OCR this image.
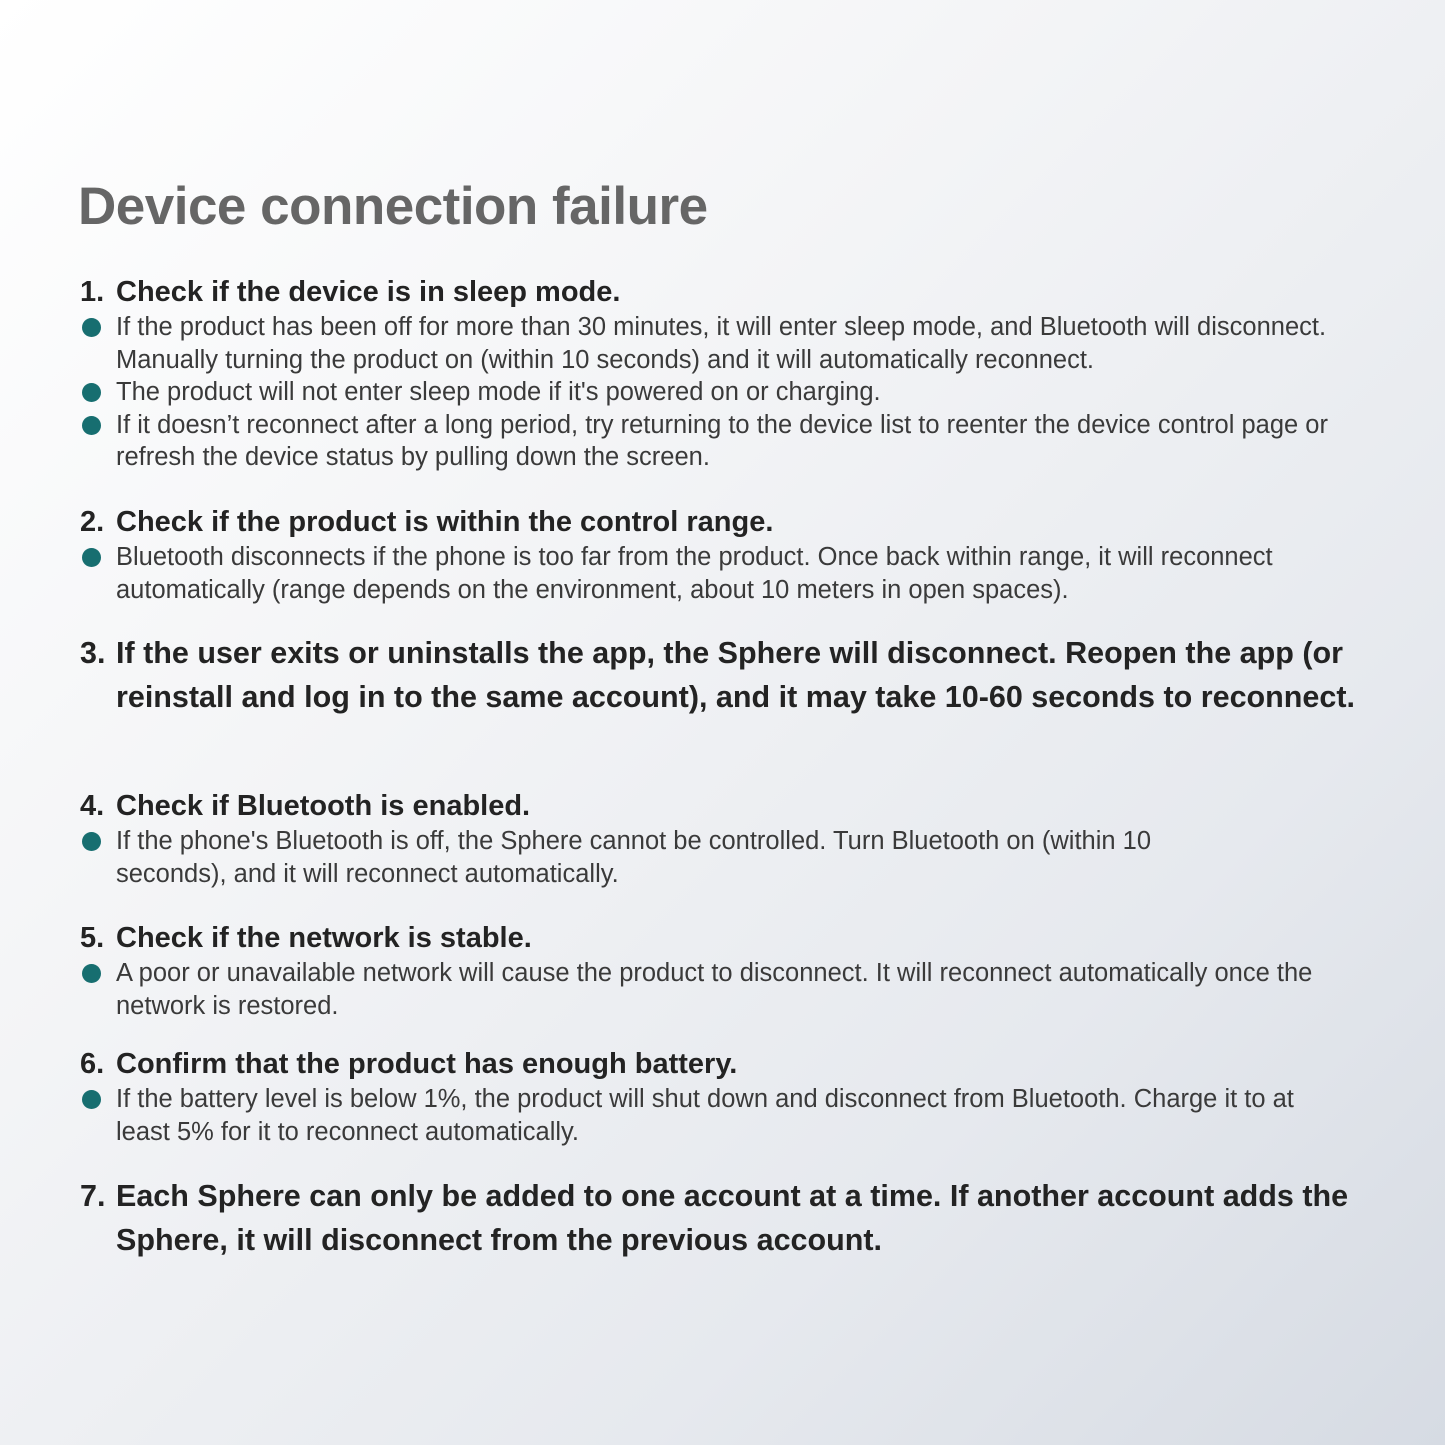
Device connection failure
1. Check if the device is in sleep mode.
If the product has been off for more than 30 minutes, it will enter sleep mode, and Bluetooth will disconnect. Manually turning the product on (within 10 seconds) and it will automatically reconnect.
The product will not enter sleep mode if it's powered on or charging.
If it doesn’t reconnect after a long period, try returning to the device list to reenter the device control page or refresh the device status by pulling down the screen.
2. Check if the product is within the control range.
Bluetooth disconnects if the phone is too far from the product. Once back within range, it will reconnect automatically (range depends on the environment, about 10 meters in open spaces).
3. If the user exits or uninstalls the app, the Sphere will disconnect. Reopen the app (or reinstall and log in to the same account), and it may take 10-60 seconds to reconnect.
4. Check if Bluetooth is enabled.
If the phone's Bluetooth is off, the Sphere cannot be controlled. Turn Bluetooth on (within 10 seconds), and it will reconnect automatically.
5. Check if the network is stable.
A poor or unavailable network will cause the product to disconnect. It will reconnect automatically once the network is restored.
6. Confirm that the product has enough battery.
If the battery level is below 1%, the product will shut down and disconnect from Bluetooth. Charge it to at least 5% for it to reconnect automatically.
7. Each Sphere can only be added to one account at a time. If another account adds the Sphere, it will disconnect from the previous account.
